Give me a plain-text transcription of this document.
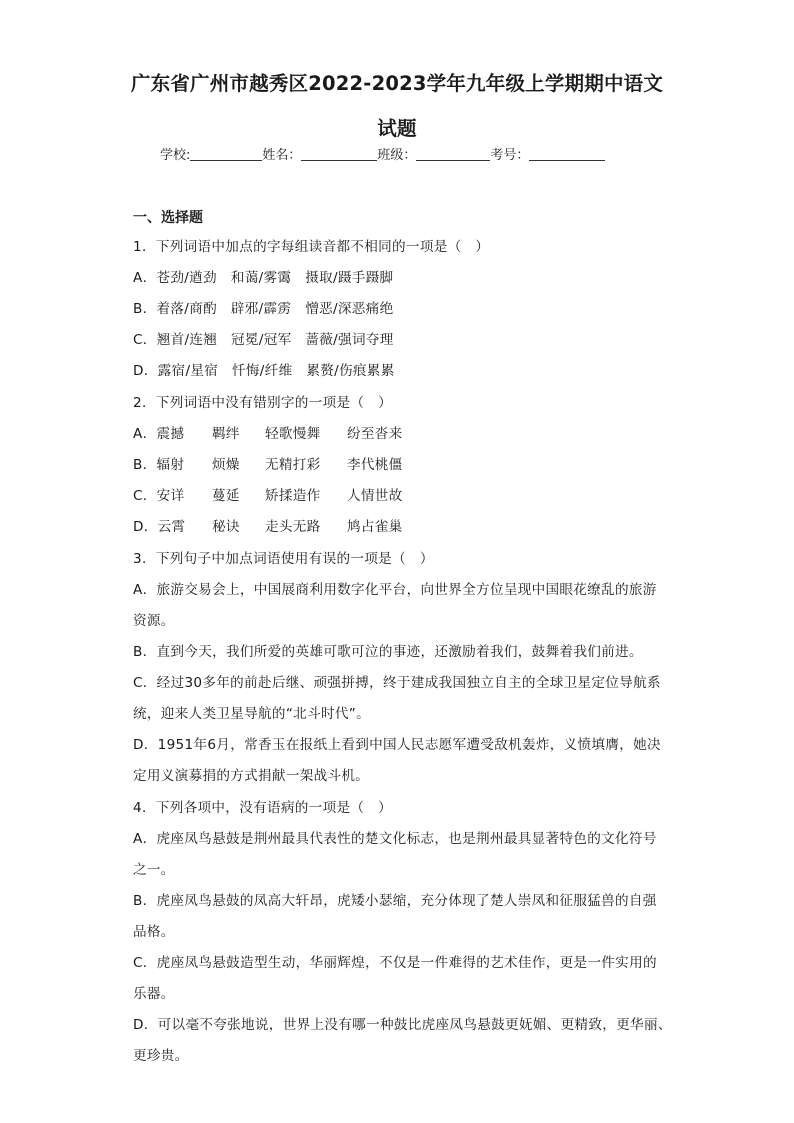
广东省广州市越秀区2022-2023学年九年级上学期期中语文
试题
学校:	姓名：	班级：	考号：
一、选择题
1．下列词语中加点的字每组读音都不相同的一项是（　）
A．苍劲/遒劲　和蔼/雾霭　摄取/蹑手蹑脚
B．着落/商酌　辟邪/霹雳　憎恶/深恶痛绝
C．翘首/连翘　冠冕/冠军　蔷薇/强词夺理
D．露宿/星宿　忏悔/纤维　累赘/伤痕累累
2．下列词语中没有错别字的一项是（　）
A．震撼 羁绊 轻歌慢舞 纷至沓来
B．辐射 烦燥 无精打彩 李代桃僵
C．安详 蔓延 矫揉造作 人情世故
D．云霄 秘诀 走头无路 鸠占雀巢
3．下列句子中加点词语使用有误的一项是（　）
A．旅游交易会上，中国展商利用数字化平台，向世界全方位呈现中国眼花缭乱的旅游
资源。
B．直到今天，我们所爱的英雄可歌可泣的事迹，还激励着我们，鼓舞着我们前进。
C．经过30多年的前赴后继、顽强拼搏，终于建成我国独立自主的全球卫星定位导航系
统，迎来人类卫星导航的“北斗时代”。
D．1951年6月，常香玉在报纸上看到中国人民志愿军遭受敌机轰炸，义愤填膺，她决
定用义演募捐的方式捐献一架战斗机。
4．下列各项中，没有语病的一项是（　）
A．虎座凤鸟悬鼓是荆州最具代表性的楚文化标志，也是荆州最具显著特色的文化符号
之一。
B．虎座凤鸟悬鼓的凤高大轩昂，虎矮小瑟缩，充分体现了楚人崇凤和征服猛兽的自强
品格。
C．虎座凤鸟悬鼓造型生动，华丽辉煌，不仅是一件难得的艺术佳作，更是一件实用的
乐器。
D．可以毫不夸张地说，世界上没有哪一种鼓比虎座凤鸟悬鼓更妩媚、更精致，更华丽、
更珍贵。
